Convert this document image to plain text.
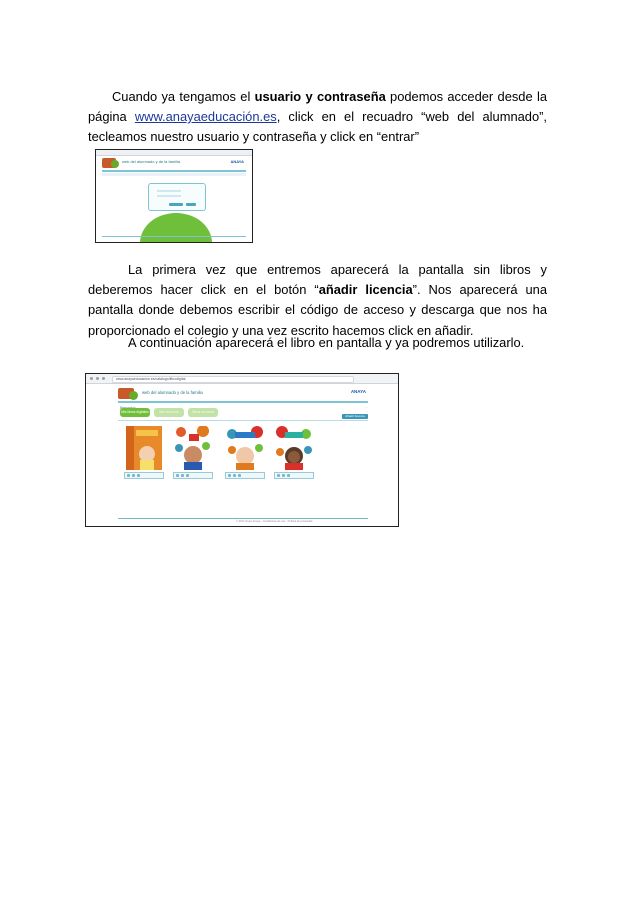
Cuando ya tengamos el usuario y contraseña podemos acceder desde la página www.anayaeducación.es, click en el recuadro “web del alumnado”, tecleamos nuestro usuario y contraseña y click en “entrar”

web del alumnado y de la familia	ANAYA

La primera vez que entremos aparecerá la pantalla sin libros y deberemos hacer click en el botón “añadir licencia”. Nos aparecerá una pantalla donde debemos escribir el código de acceso y descarga que nos ha proporcionado el colegio y una vez escrito hacemos click en añadir.

A continuación aparecerá el libro en pantalla y ya podremos utilizarlo.

www.anayaeducacion.es/catalogo/librodigital
web del alumnado y de la familia	ANAYA
···
···

Mis libros digitales	Mis recursos	Otros recursos
Añadir licencia
© 2017 Grupo Anaya · Condiciones de uso · Política de privacidad
